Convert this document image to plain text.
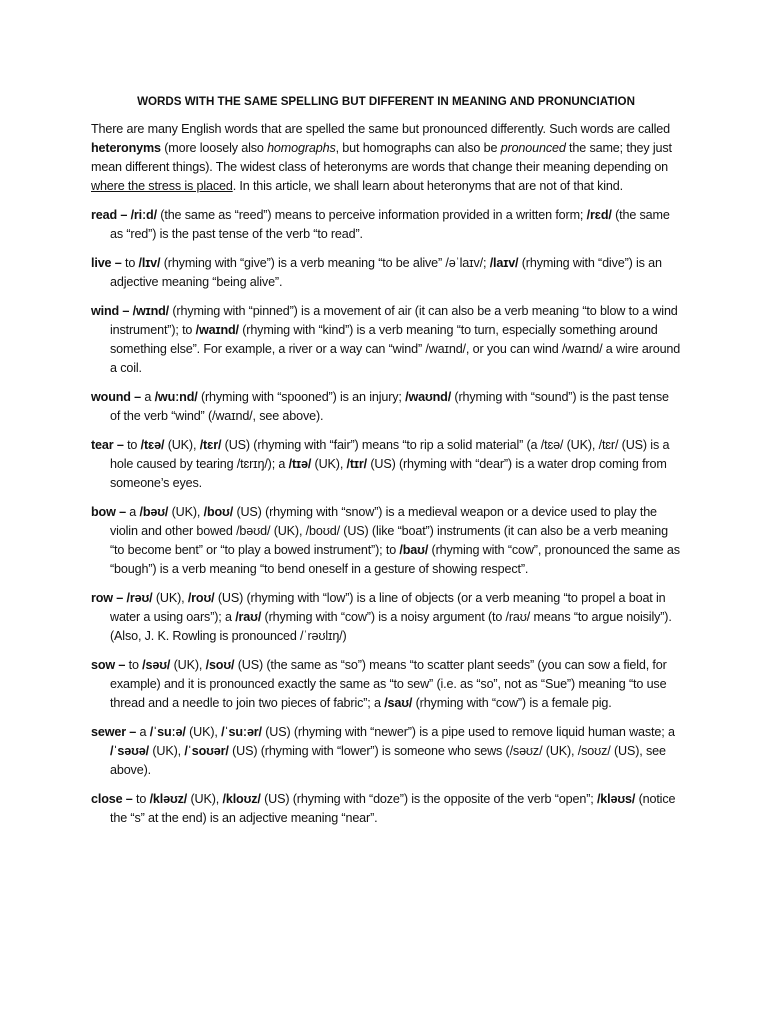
WORDS WITH THE SAME SPELLING BUT DIFFERENT IN MEANING AND PRONUNCIATION

There are many English words that are spelled the same but pronounced differently. Such words are called heteronyms (more loosely also homographs, but homographs can also be pronounced the same; they just mean different things). The widest class of heteronyms are words that change their meaning depending on where the stress is placed. In this article, we shall learn about heteronyms that are not of that kind.

read – /riːd/ (the same as “reed”) means to perceive information provided in a written form; /rɛd/ (the same as “red”) is the past tense of the verb “to read”.

live – to /lɪv/ (rhyming with “give”) is a verb meaning “to be alive” /əˈlaɪv/; /laɪv/ (rhyming with “dive”) is an adjective meaning “being alive”.

wind – /wɪnd/ (rhyming with “pinned”) is a movement of air (it can also be a verb meaning “to blow to a wind instrument”); to /waɪnd/ (rhyming with “kind”) is a verb meaning “to turn, especially something around something else”. For example, a river or a way can “wind” /waɪnd/, or you can wind /waɪnd/ a wire around a coil.

wound – a /wuːnd/ (rhyming with “spooned”) is an injury; /waʊnd/ (rhyming with “sound”) is the past tense of the verb “wind” (/waɪnd/, see above).

tear – to /tɛə/ (UK), /tɛr/ (US) (rhyming with “fair”) means “to rip a solid material” (a /tɛə/ (UK), /tɛr/ (US) is a hole caused by tearing /tɛrɪŋ/); a /tɪə/ (UK), /tɪr/ (US) (rhyming with “dear”) is a water drop coming from someone’s eyes.

bow – a /bəʊ/ (UK), /boʊ/ (US) (rhyming with “snow”) is a medieval weapon or a device used to play the violin and other bowed /bəʊd/ (UK), /boʊd/ (US) (like “boat”) instruments (it can also be a verb meaning “to become bent” or “to play a bowed instrument”); to /baʊ/ (rhyming with “cow”, pronounced the same as “bough”) is a verb meaning “to bend oneself in a gesture of showing respect”.

row – /rəʊ/ (UK), /roʊ/ (US) (rhyming with “low”) is a line of objects (or a verb meaning “to propel a boat in water a using oars”); a /raʊ/ (rhyming with “cow”) is a noisy argument (to /raʊ/ means “to argue noisily”). (Also, J. K. Rowling is pronounced /ˈrəʊlɪŋ/)

sow – to /səʊ/ (UK), /soʊ/ (US) (the same as “so”) means “to scatter plant seeds” (you can sow a field, for example) and it is pronounced exactly the same as “to sew” (i.e. as “so”, not as “Sue”) meaning “to use thread and a needle to join two pieces of fabric”; a /saʊ/ (rhyming with “cow”) is a female pig.

sewer – a /ˈsuːə/ (UK), /ˈsuːər/ (US) (rhyming with “newer”) is a pipe used to remove liquid human waste; a /ˈsəʊə/ (UK), /ˈsoʊər/ (US) (rhyming with “lower”) is someone who sews (/səʊz/ (UK), /soʊz/ (US), see above).

close – to /kləʊz/ (UK), /kloʊz/ (US) (rhyming with “doze”) is the opposite of the verb “open”; /kləʊs/ (notice the “s” at the end) is an adjective meaning “near”.
